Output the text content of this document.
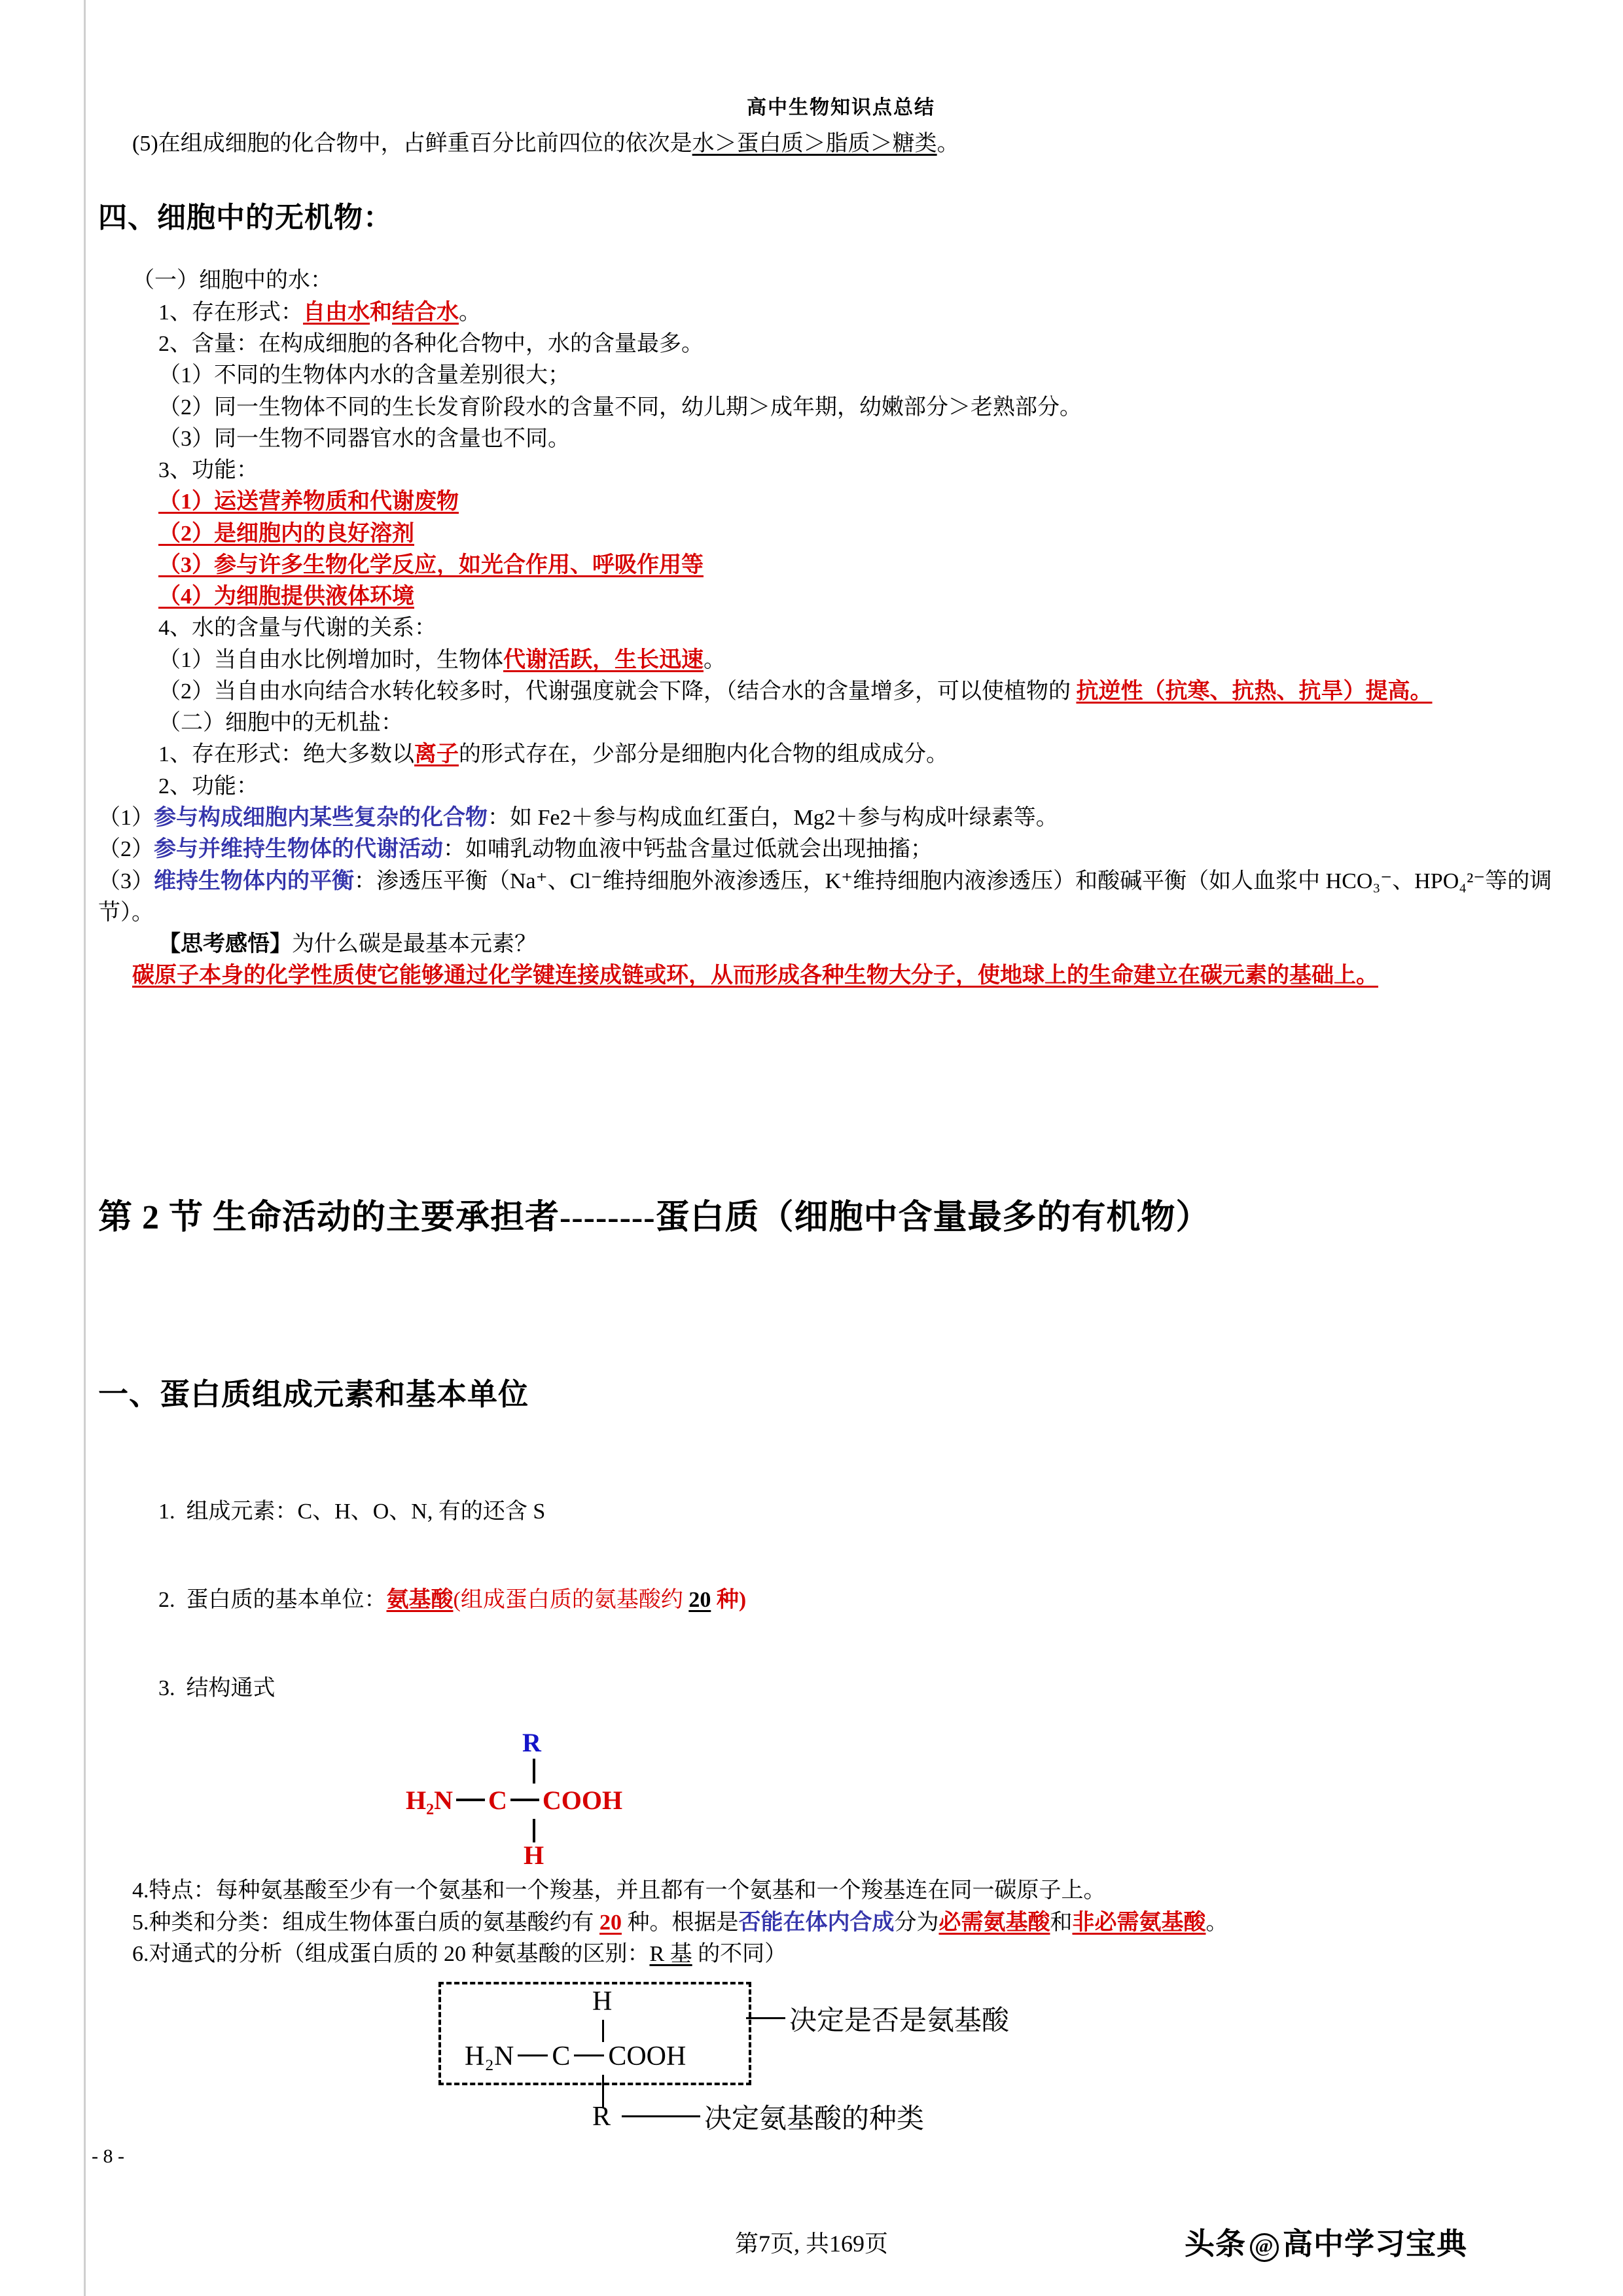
高中生物知识点总结

(5)在组成细胞的化合物中，占鲜重百分比前四位的依次是水＞蛋白质＞脂质＞糖类。

四、细胞中的无机物：

（一）细胞中的水：

1、存在形式：自由水和结合水。

2、含量：在构成细胞的各种化合物中，水的含量最多。

（1）不同的生物体内水的含量差别很大；

（2）同一生物体不同的生长发育阶段水的含量不同，幼儿期＞成年期，幼嫩部分＞老熟部分。

（3）同一生物不同器官水的含量也不同。

3、功能：

（1）运送营养物质和代谢废物

（2）是细胞内的良好溶剂

（3）参与许多生物化学反应，如光合作用、呼吸作用等

（4）为细胞提供液体环境

4、水的含量与代谢的关系：

（1）当自由水比例增加时，生物体代谢活跃，生长迅速。

（2）当自由水向结合水转化较多时，代谢强度就会下降，（结合水的含量增多，可以使植物的 抗逆性（抗寒、抗热、抗旱）提高。

（二）细胞中的无机盐：

1、存在形式：绝大多数以离子的形式存在，少部分是细胞内化合物的组成成分。

2、功能：

（1）参与构成细胞内某些复杂的化合物：如 Fe2＋参与构成血红蛋白，Mg2＋参与构成叶绿素等。

（2）参与并维持生物体的代谢活动：如哺乳动物血液中钙盐含量过低就会出现抽搐；

（3）维持生物体内的平衡：渗透压平衡（Na⁺、Cl⁻维持细胞外液渗透压，K⁺维持细胞内液渗透压）和酸碱平衡（如人血浆中 HCO₃⁻、HPO₄²⁻等的调节）。

【思考感悟】为什么碳是最基本元素？

碳原子本身的化学性质使它能够通过化学键连接成链或环，从而形成各种生物大分子，使地球上的生命建立在碳元素的基础上。

第 2 节 生命活动的主要承担者--------蛋白质（细胞中含量最多的有机物）

一、蛋白质组成元素和基本单位

1. 组成元素：C、H、O、N, 有的还含 S

2. 蛋白质的基本单位：氨基酸(组成蛋白质的氨基酸约 20 种)

3. 结构通式

R
H₂N C COOH
H

4.特点：每种氨基酸至少有一个氨基和一个羧基，并且都有一个氨基和一个羧基连在同一碳原子上。

5.种类和分类：组成生物体蛋白质的氨基酸约有 20 种。根据是否能在体内合成分为必需氨基酸和非必需氨基酸。

6.对通式的分析（组成蛋白质的 20 种氨基酸的区别：R 基 的不同）

H
H₂N C COOH
R
决定是否是氨基酸
决定氨基酸的种类
- 8 -
第7页, 共169页	头条 @ 高中学习宝典
